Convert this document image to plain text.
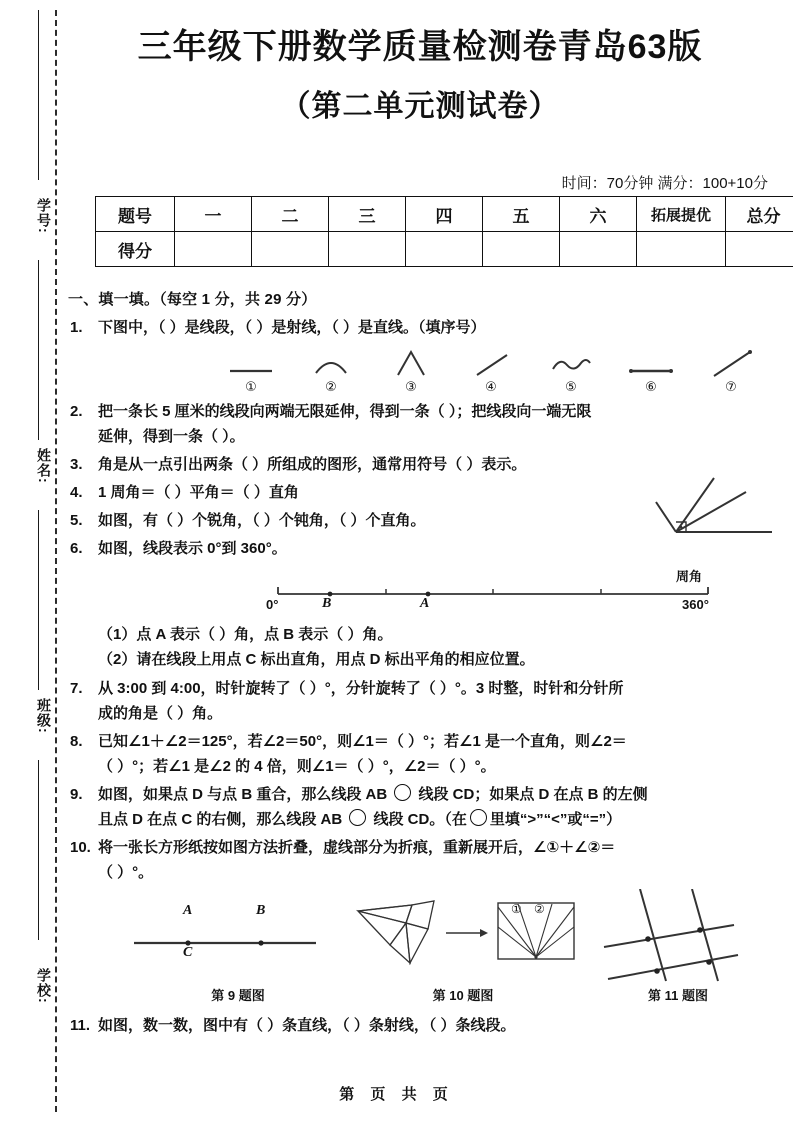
学号:
姓名:
班级:
学校:
三年级下册数学质量检测卷青岛63版
（第二单元测试卷）
时间：70分钟 满分：100+10分
题号	一	二	三	四	五	六	拓展提优	总分
得分								
一、填一填。（每空 1 分，共 29 分）
1. 下图中，（ ）是线段，（ ）是射线，（ ）是直线。（填序号）
①	②	③	④	⑤	⑥	⑦
2. 把一条长 5 厘米的线段向两端无限延伸，得到一条（ ）；把线段向一端无限
延伸，得到一条（ ）。
3. 角是从一点引出两条（ ）所组成的图形，通常用符号（ ）表示。
4. 1 周角＝（ ）平角＝（ ）直角
5. 如图，有（ ）个锐角，（ ）个钝角，（ ）个直角。
6. 如图，线段表示 0°到 360°。
0°	B	A	360°
周角
（1）点 A 表示（ ）角，点 B 表示（ ）角。
（2）请在线段上用点 C 标出直角，用点 D 标出平角的相应位置。
7. 从 3:00 到 4:00，时针旋转了（ ）°，分针旋转了（ ）°。3 时整，时针和分针所
成的角是（ ）角。
8. 已知∠1＋∠2＝125°，若∠2＝50°，则∠1＝（ ）°；若∠1 是一个直角，则∠2＝
（ ）°；若∠1 是∠2 的 4 倍，则∠1＝（ ）°，∠2＝（ ）°。
9. 如图，如果点 D 与点 B 重合，那么线段 AB  线段 CD；如果点 D 在点 B 的左侧
且点 D 在点 C 的右侧，那么线段 AB  线段 CD。（在 里填“>”“<”或“=”）
10. 将一张长方形纸按如图方法折叠，虚线部分为折痕，重新展开后，∠①＋∠②＝
（ ）°。
A	B
C
① ②
第 9 题图	第 10 题图	第 11 题图
11. 如图，数一数，图中有（ ）条直线，（ ）条射线，（ ）条线段。
第 页 共 页
